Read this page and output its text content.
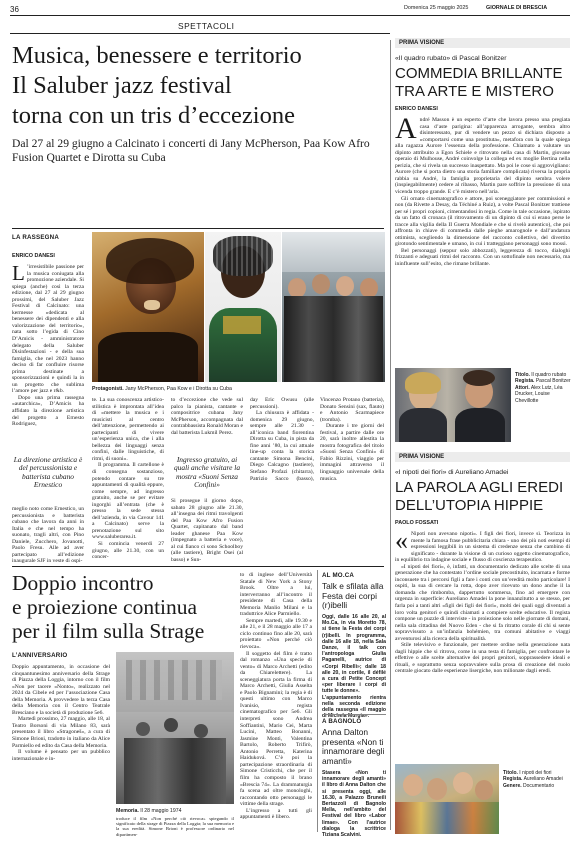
36
SPETTACOLI
Domenica 25 maggio 2025	GIORNALE DI BRESCIA
Musica, benessere e territorio
Il Saluber jazz festival
torna con un tris d’eccezione
Dal 27 al 29 giugno a Calcinato i concerti di Jany McPherson, Paa Kow Afro Fusion Quartet e Dirotta su Cuba
LA RASSEGNA
ENRICO DANESI

L ’irresistibile passione per la musica coniugata alla promozione aziendale. Si spiega (anche) così la terza edizione, dal 27 al 29 giugno prossimi, del Saluber Jazz Festival di Calcinato: una kermesse «dedicata al benessere dei dipendenti e alla valorizzazione del territorio», nata sotto l’egida di Cino D’Amicis - amministratore delegato della Saluber Disinfestazioni - e della sua famiglia, che nel 2023 hanno deciso di far confluire risorse prima destinate a sponsorizzazioni e quindi la in un progetto che sublima l’amore per jazz e r&b.

Dopo una prima rassegna «autarchica», D’Amicis ha affidato la direzione artistica del progetto a Ernesto Rodriguez,

La direzione artistica è del percussionista e batterista cubano Ernestico

meglio noto come Ernestico, un percussionista e batterista cubano che lavora da anni in Italia e che nel tempo ha suonato, tragli altri, con Pino Daniele, Zucchero, Jovanotti, Paolo Fresu. Alle ad aver partecipato all’edizione inaugurale SJF in veste di ospi-

Protagonisti. Jany McPherson, Paa Kow e i Dirotta su Cuba

te. La sua conoscenza artistico-stilistica è improntata all’idea di «mettere la musica e i musicisti al centro dell’attenzione, permettendo ai partecipanti di vivere un’esperienza unica, che i alla bellezza dei linguaggi senza confini, dalle linguistiche, di ritmi, di suoni».

Il programma. Il cartellone è di consegna sostanzioso, potendo contare su tre appuntamenti di qualità eppure, come sempre, ad ingresso gratuito, anche se per evitare ingorghi all’entrata (che è presso la sede stessa dell’azienda, in via Cavour 141 a Calcinato) serve la prenotazione sul sito www.saluberarea.it.

Si comincia venerdì 27 giugno, alle 21.30, con un concer-

to d’eccezione che vede sul palco la pianista, cantante e compositrice cubana Jany McPherson, accompagnata dal contrabbassista Ronald Moran e dal batterista Lukmil Perez.

Ingresso gratuito, ai quali anche visitare la mostra «Suoni Senza Confini»

Si prosegue il giorno dopo, sabato 28 giugno alle 21.30, all’insegna dei ritmi travolgenti del Paa Kow Afro Fusion Quartet, capitanato dal band leader ghanese Paa Kow (impegnato a batteria e voce), al cui fianco ci sono Schoolboy (alle tastiere), Bright Osei (al basso) e Sun-

day Eric Owusu (alle percussioni).

La chiusura è affidata - domenica 29 giugno, sempre alle 21.30 - all’iconica band fiorentina Dirotta su Cuba, in pista da fine anni ’80, la cui attuale line-up conta la storica cantante Simona Bencini, Diego Calcagno (tastiere), Stefano Profazi (chitarra), Patrizio Sacco (basso), Vincenzo Protano (batteria), Donato Sensini (sax, flauto) e Antonio Scarmapiece (tromba).

Durante i tre giorni del festival, a partire dalle ore 20, sarà inoltre allestita la mostra fotografica del titolo «Suoni Senza Confini» di Fabio Rizzini, viaggio per immagini attraverso il linguaggio universale della musica.

Doppio incontro
e proiezione continua
per il film sulla Strage
L’ANNIVERSARIO

Doppio appuntamento, in occasione del cinquantunesimo anniversario della Strage di Piazza della Loggia, intorno con il film «Non per tacere «Nonto», realizzato nel 2024 da Cibele ed per l’associazione Casa della Memoria. A provvedere la terza Casa della Memoria con il Centro Teatrale Bresciano e la società di produzione 5e6.

Martedì prossimo, 27 maggio, alle 18, al Teatro Borsoni di via Milano 83, sarà presentato il libro «Stragoneš», a cura di Simone Brioni, tradotto in italiano da Alice Parmiello ed edito da Casa della Memoria.

Il volume è pensato per un pubblico internazionale e in-

Memoria. Il 28 maggio 1974

troduce il film «Non perché ciò rievoca» spiegando il significato della strage di Piazza della Loggia; la sua memoria e la sua eredità. Simone Brioni è professore ordinario nel dipartimen-

to di inglese dell’Università Statale di New York a Stony Brook. Oltre a lui, interverranno all’incontro il presidente di Casa della Memoria Manlio Milani e la traduttrice Alice Parmiello.

Sempre martedì, alle 19.30 e alle 21, e il 28 maggio alle 17 a ciclo continuo fino alle 20, sarà proiettato «Non perché ciò rievoca».

Il soggetto del film è tratto dal romanzo «Una specie di vento» di Marco Archetti (edito da Chiarelettere). La sceneggiatura porta la firma di Marco Archetti, Giulia Asselta e Paolo Bignamini; la regia è di questi ultimo con Marco Ivanisio, regista cinematografico per 5e6. Gli interpreti sono Andrea Soffiantini, Mario Cei, Marta Lucini, Matteo Bonanni, Jasmine Monti, Valentina Bartolo, Roberto Trifirò, Antonio Perretta, Katerina Haiduková. C’è poi la partecipazione straordinaria di Simone Cristicchi, che per il film ha composto il brano «Brescia 74». La drammaturgia fa scena ad oltre monologhi, raccontando otto personaggi le vittime della strage.

L’ingresso a tutti gli appuntamenti è libero.

AL MO.CA
Talk e sfilata alla Festa dei corpi (r)ibelli

Oggi, dalle 16 alle 20, al Mo.Ca, in via Moretto 78, si tiene la Festa dei corpi (r)ibelli. In programma, dalle 16 alle 18, nella Sala Danze, il talk con l’antropologa Giulia Paganelli, autrice di «Corpi Ribelli»; dalle 18 alle 20, in cortile, il défilé a cura di Petite Concept «per liberare i corpi di tutte le donne».

L’appuntamento rientra nella seconda edizione della rassegna «Il maggio di Michela Murgia».

A BAGNOLO
Anna Dalton presenta «Non ti innamorare degli amanti»
Stasera «Non ti innamorare degli amanti» il libro di Anna Dalton che si presenta oggi, alle 16.30, a Palazzo Bruneili Bertazzoli di Bagnolo Mella, nell’ambito del Festival del libro «Labor limae». Con l’autrice dialoga la scrittrice Tiziana Scalvini.
PRIMA VISIONE
«Il quadro rubato» di Pascal Bonitzer
COMMEDIA BRILLANTE
TRA ARTE E MISTERO
ENRICO DANESI

André Masson è un esperto d’arte che lavora presso una pregiata casa d’aste parigina: all’apparenza arrogante, sembra altro disinteressato, pur di vendere un pezzo si dichiara disposto a «comportarsi come una prostituta», metafora con la quale spiega alla ragazza Aurore l’essenza della professione. Chiamato a valutare un dipinto attribuito a Egon Schiele e ritrovato nella casa di Martin, giovane operaio di Mulhouse, André coinvolge la collega ed ex moglie Bertina nella perizia, che si rivela un successo inaspettato. Ma poi le cose si aggrovigliano: Aurore (che si porta dietro una storia familiare complicata) riversa la propria rabbia su André, la famiglia proprietaria del dipinto sembra volere (inspiegabilmente) cedere al ribasso, Martin pare soffrire la pressione di una vicenda troppo grande. E c’è mistero nell’aria.

Gli ornato cinematografico e attore, poi sceneggiatore per commissioni e non (da Rivette a Desay, da Téchiné a Ruiz), a volte Pascal Bonitzer trattiene per sé i propri copioni, cimentandosi in regia. Come in tale occasione, ispirato da un fatto di cronaca (il ritrovamento di un dipinto di cui si erano perse le tracce alla vigilia della II Guerra Mondiale e che si rivelò autentico), che poi affronta in chiave di commedia dalle pieghe amarognole e dall’andatura ottimista, scegliendo la dimensione del racconto collettivo, del divertito girotondo sentimentale e umano, in cui i tratteggiano personaggi sono mossi.

Bel personaggi (seppur solo abbozzati), leggerezza di tocco, dialoghi frizzanti e adeguati ritmi del racconto. Con un sottofinale non necessario, ma ininfluente sull’esito, che rimane brillante.

Titolo. Il quadro rubato
Regista. Pascal Bonitzer
Attori. Alex Lutz, Léa Drucker, Louise Chevillotte
PRIMA VISIONE
«I nipoti dei fiori» di Aureliano Amadei
LA PAROLA AGLI EREDI
DELL’UTOPIA HIPPIE
PAOLO FOSSATI

« Nipoti non avevano nipoti». I figli dei fiori, invece sì. Teorizza in mente la famosa frase pubblicitaria chiara - uno dei più noti esempi di espressioni leggibili in un sistema di credenze senza che cambino di significato - durante la visione di un curioso oggetto cinematografico, in equilibrio tra indagine sociale e flusso di coscienza terapeutico.

«I nipoti dei fiori», è, infatti, un documentario dedicato alle scelte di una generazione che ha contestato l’ordine sociale precostituito, incarnata e forme inconsuete tra i percorsi figli a fare i conti con un’eredità molto particolare! I ospiti, la sua di cercare la rotta, dopo aver ricevuto un dono anche il la domanda che rimbomba, dappertutto sommersa, fino ad emergere con urgenza in superficie: Aureliano Amadei la pone innanzitutto a se stesso, per farla poi a tanti altri «figli dei figli dei fiori», molti dei quali oggi diventati a loro volta genitori e quindi chiamati a compiere scelte educative. Il regista compone un puzzle di interviste - in proiezione solo nelle giornate di domani, nella sala cittadina del Nuovo Eden - che si fa ritratto corale di chi si sente sopravvissuto a un’infanzia bohémien, tra comuni abitative e viaggi avventurosi alla ricerca della spiritualità.

Stile televisivo e funzionale, per mettere ordine nella generazione nata dagli hippie che si ritrova, come in una testa di famiglia, per confrontare le effettive o alle scelte alternative dei propri genitori, sopprassedere ideali e rituali, e soprattutto senza sopravvalere sulla prosa di creazione del ruolo centrale giocato dalle esperienze lisergiche, non milionate dagli eredi.

Titolo. I nipoti dei fiori
Regista. Aureliano Amadei
Genere. Documentario
